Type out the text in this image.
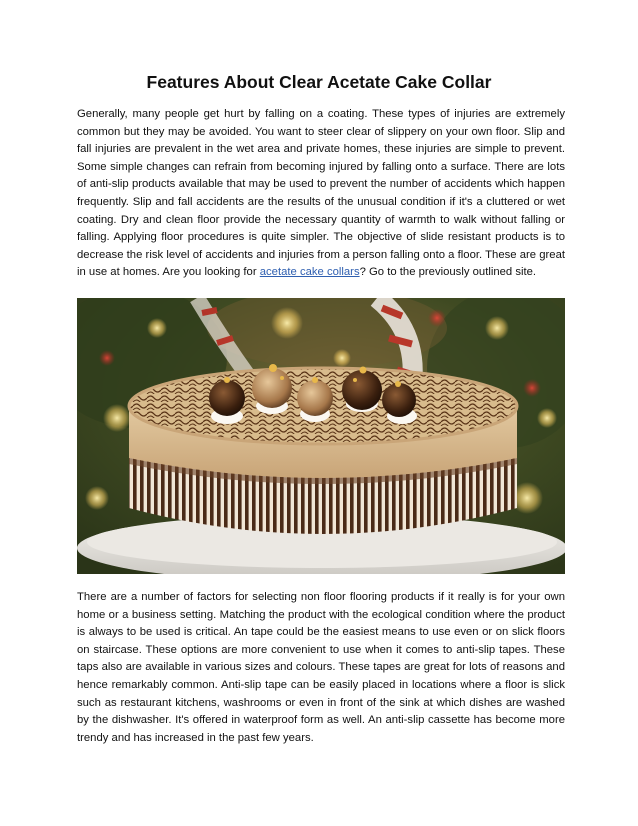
Features About Clear Acetate Cake Collar

Generally, many people get hurt by falling on a coating. These types of injuries are extremely common but they may be avoided. You want to steer clear of slippery on your own floor. Slip and fall injuries are prevalent in the wet area and private homes, these injuries are simple to prevent. Some simple changes can refrain from becoming injured by falling onto a surface. There are lots of anti-slip products available that may be used to prevent the number of accidents which happen frequently. Slip and fall accidents are the results of the unusual condition if it's a cluttered or wet coating. Dry and clean floor provide the necessary quantity of warmth to walk without falling or falling. Applying floor procedures is quite simpler. The objective of slide resistant products is to decrease the risk level of accidents and injuries from a person falling onto a floor. These are great in use at homes. Are you looking for acetate cake collars? Go to the previously outlined site.

There are a number of factors for selecting non floor flooring products if it really is for your own home or a business setting. Matching the product with the ecological condition where the product is always to be used is critical. An tape could be the easiest means to use even or on slick floors on staircase. These options are more convenient to use when it comes to anti-slip tapes. These taps also are available in various sizes and colours. These tapes are great for lots of reasons and hence remarkably common. Anti-slip tape can be easily placed in locations where a floor is slick such as restaurant kitchens, washrooms or even in front of the sink at which dishes are washed by the dishwasher. It's offered in waterproof form as well. An anti-slip cassette has become more trendy and has increased in the past few years.
